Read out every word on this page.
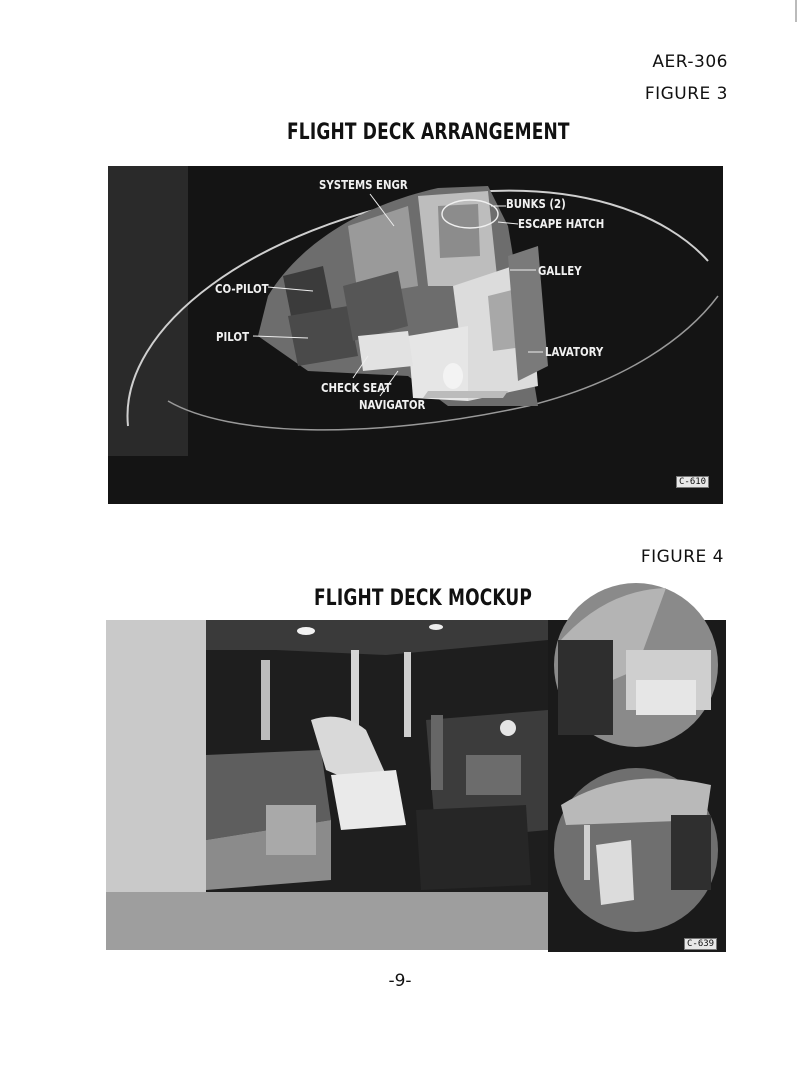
AER-306
FIGURE 3
FLIGHT DECK ARRANGEMENT
SYSTEMS ENGR
BUNKS (2)
ESCAPE HATCH
GALLEY
CO-PILOT
PILOT
LAVATORY
CHECK SEAT
NAVIGATOR
C-610
FIGURE 4
FLIGHT DECK MOCKUP
C-639
-9-
